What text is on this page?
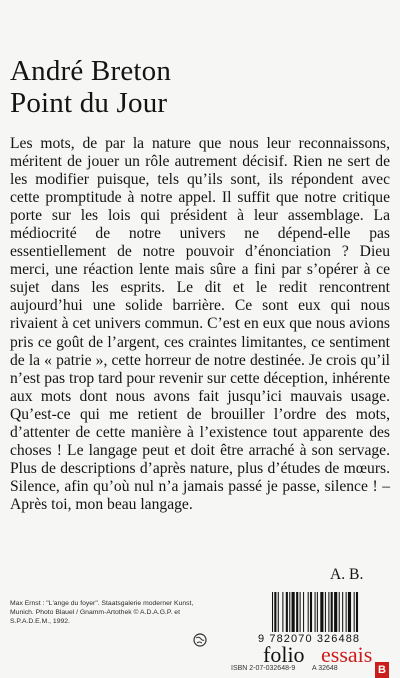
André Breton
Point du Jour

Les mots, de par la nature que nous leur reconnaissons, méritent de jouer un rôle autrement décisif. Rien ne sert de les modifier puisque, tels qu’ils sont, ils répondent avec cette promptitude à notre appel. Il suffit que notre critique porte sur les lois qui président à leur assemblage. La médiocrité de notre univers ne dépend-elle pas essentiellement de notre pouvoir d’énonciation ? Dieu merci, une réaction lente mais sûre a fini par s’opérer à ce sujet dans les esprits. Le dit et le redit rencontrent aujourd’hui une solide barrière. Ce sont eux qui nous rivaient à cet univers commun. C’est en eux que nous avions pris ce goût de l’argent, ces craintes limitantes, ce sentiment de la « patrie », cette horreur de notre destinée. Je crois qu’il n’est pas trop tard pour revenir sur cette déception, inhérente aux mots dont nous avons fait jusqu’ici mauvais usage. Qu’est-ce qui me retient de brouiller l’ordre des mots, d’attenter de cette manière à l’existence tout apparente des choses ! Le langage peut et doit être arraché à son servage. Plus de descriptions d’après nature, plus d’études de mœurs. Silence, afin qu’où nul n’a jamais passé je passe, silence ! – Après toi, mon beau langage.

A. B.
Max Ernst : "L'ange du foyer". Staatsgalerie moderner Kunst, Munich. Photo Blauel / Gnamm-Artothek © A.D.A.G.P. et S.P.A.D.E.M., 1992.
9 782070 326488
folio essais
ISBN 2-07-032648-9 A 32648	B
